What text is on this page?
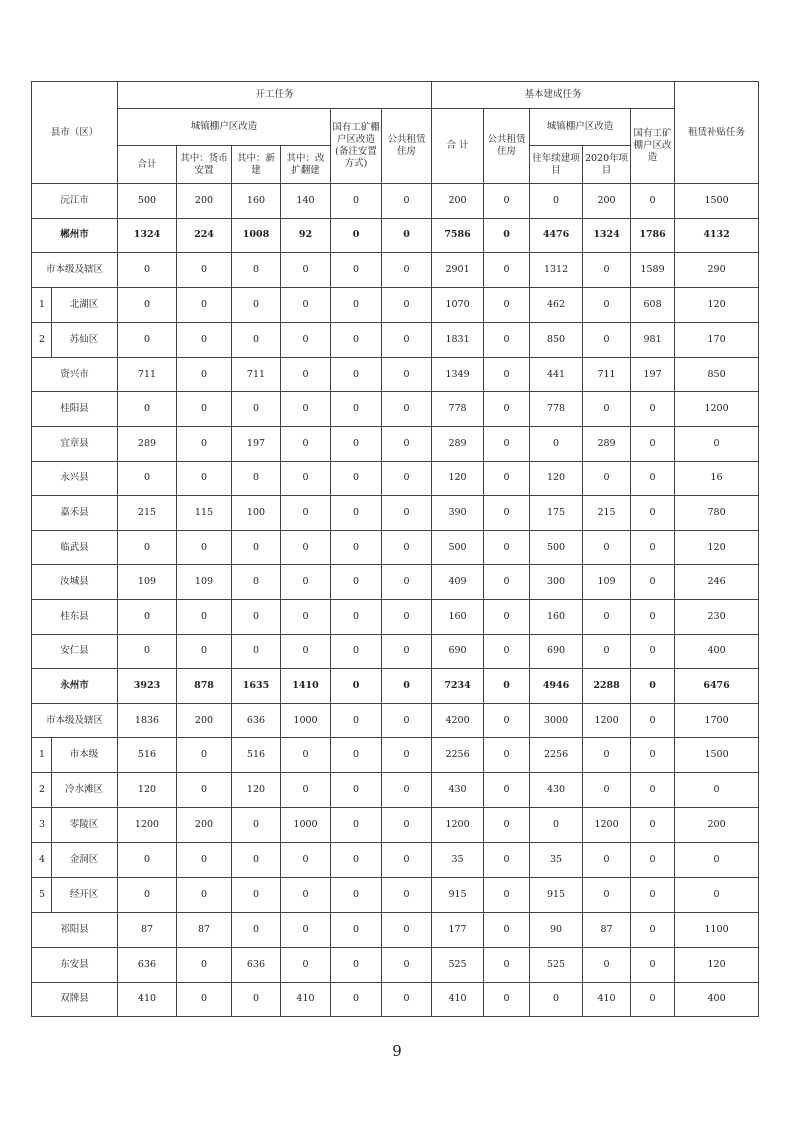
县市（区）	开工任务						基本建成任务					租赁补贴任务
	城镇棚户区改造				国有工矿棚户区改造(备注安置方式)	公共租赁住房	合 计	公共租赁住房	城镇棚户区改造		国有工矿棚户区改造	
	合计	其中：货币安置	其中：新 建	其中：改扩翻建					往年续建项目	2020年项目		
沅江市	500	200	160	140	0	0	200	0	0	200	0	1500
郴州市	1324	224	1008	92	0	0	7586	0	4476	1324	1786	4132
市本级及辖区	0	0	0	0	0	0	2901	0	1312	0	1589	290

1 北湖区	0	0	0	0	0	0	1070	0	462	0	608	120

2 苏仙区	0	0	0	0	0	0	1831	0	850	0	981	170
资兴市	711	0	711	0	0	0	1349	0	441	711	197	850
桂阳县	0	0	0	0	0	0	778	0	778	0	0	1200
宜章县	289	0	197	0	0	0	289	0	0	289	0	0
永兴县	0	0	0	0	0	0	120	0	120	0	0	16
嘉禾县	215	115	100	0	0	0	390	0	175	215	0	780
临武县	0	0	0	0	0	0	500	0	500	0	0	120
汝城县	109	109	0	0	0	0	409	0	300	109	0	246
桂东县	0	0	0	0	0	0	160	0	160	0	0	230
安仁县	0	0	0	0	0	0	690	0	690	0	0	400
永州市	3923	878	1635	1410	0	0	7234	0	4946	2288	0	6476
市本级及辖区	1836	200	636	1000	0	0	4200	0	3000	1200	0	1700

1 市本级	516	0	516	0	0	0	2256	0	2256	0	0	1500

2 冷水滩区	120	0	120	0	0	0	430	0	430	0	0	0

3 零陵区	1200	200	0	1000	0	0	1200	0	0	1200	0	200

4 金洞区	0	0	0	0	0	0	35	0	35	0	0	0

5 经开区	0	0	0	0	0	0	915	0	915	0	0	0
祁阳县	87	87	0	0	0	0	177	0	90	87	0	1100
东安县	636	0	636	0	0	0	525	0	525	0	0	120
双牌县	410	0	0	410	0	0	410	0	0	410	0	400
9
